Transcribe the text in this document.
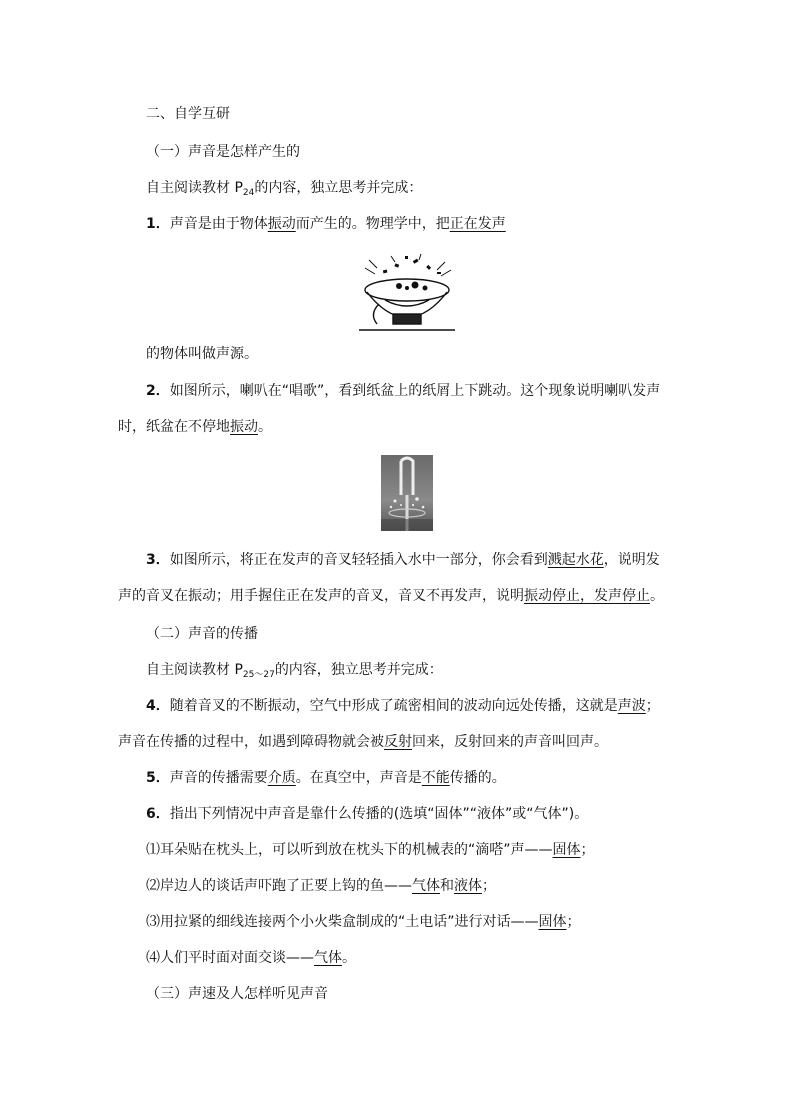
二、自学互研
（一）声音是怎样产生的
自主阅读教材 $P_{24}$的内容，独立思考并完成：
1．声音是由于物体振动而产生的。物理学中，把正在发声
的物体叫做声源。
2．如图所示，喇叭在“唱歌”，看到纸盆上的纸屑上下跳动。这个现象说明喇叭发声
时，纸盆在不停地振动。
3．如图所示，将正在发声的音叉轻轻插入水中一部分，你会看到溅起水花，说明发
声的音叉在振动；用手握住正在发声的音叉，音叉不再发声，说明振动停止，发声停止。
（二）声音的传播
自主阅读教材 $P_{25\sim 27}$的内容，独立思考并完成：
4．随着音叉的不断振动，空气中形成了疏密相间的波动向远处传播，这就是声波；
声音在传播的过程中，如遇到障碍物就会被反射回来，反射回来的声音叫回声。
5．声音的传播需要介质。在真空中，声音是不能传播的。
6．指出下列情况中声音是靠什么传播的(选填“固体”“液体”或“气体”)。
⑴耳朵贴在枕头上，可以听到放在枕头下的机械表的“滴嗒”声——固体；
⑵岸边人的谈话声吓跑了正要上钩的鱼——气体和液体；
⑶用拉紧的细线连接两个小火柴盒制成的“土电话”进行对话——固体；
⑷人们平时面对面交谈——气体。
（三）声速及人怎样听见声音
